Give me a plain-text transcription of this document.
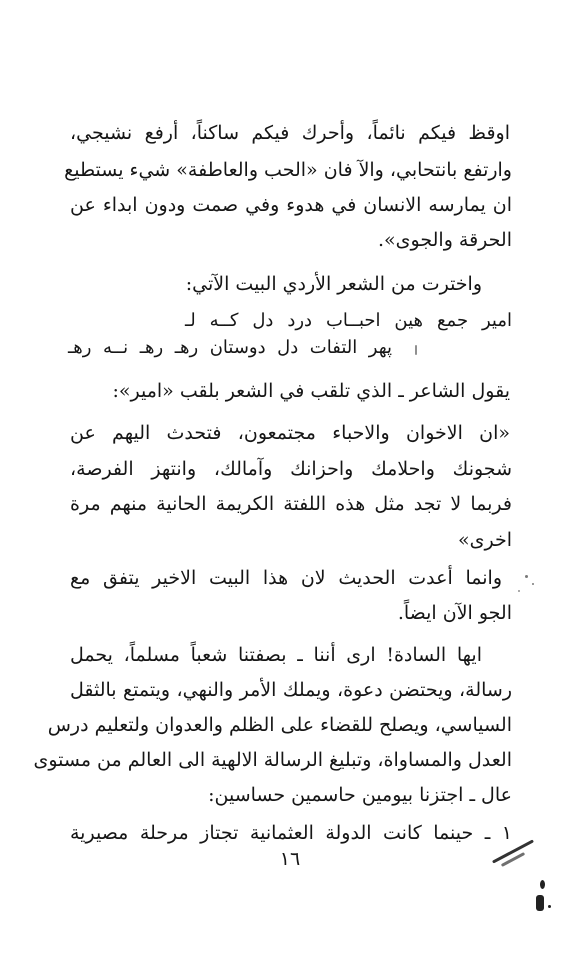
اوقظ فيكم نائماً، وأحرك فيكم ساكناً، أرفع نشيجي،
وارتفع بانتحابي، والآ فان «الحب والعاطفة» شيء يستطيع
ان يمارسه الانسان في هدوء وفي صمت ودون ابداء عن
الحرقة والجوى».
واخترت من الشعر الأردي البيت الآتي:
امير جمع هين احبــاب درد دل كــه لـ
پهر التفات دل دوستان رهـ رهـ نــه رهـ
يقول الشاعر ـ الذي تلقب في الشعر بلقب «امير»:
«ان الاخوان والاحباء مجتمعون، فتحدث اليهم عن
شجونك واحلامك واحزانك وآمالك، وانتهز الفرصة،
فربما لا تجد مثل هذه اللفتة الكريمة الحانية منهم مرة
اخرى»
وانما أعدت الحديث لان هذا البيت الاخير يتفق مع
الجو الآن ايضاً.
ايها السادة! ارى أننا ـ بصفتنا شعباً مسلماً، يحمل
رسالة، ويحتضن دعوة، ويملك الأمر والنهي، ويتمتع بالثقل
السياسي، ويصلح للقضاء على الظلم والعدوان ولتعليم درس
العدل والمساواة، وتبليغ الرسالة الالهية الى العالم من مستوى
عال ـ اجتزنا بيومين حاسمين حساسين:
١ ـ حينما كانت الدولة العثمانية تجتاز مرحلة مصيرية
١٦
